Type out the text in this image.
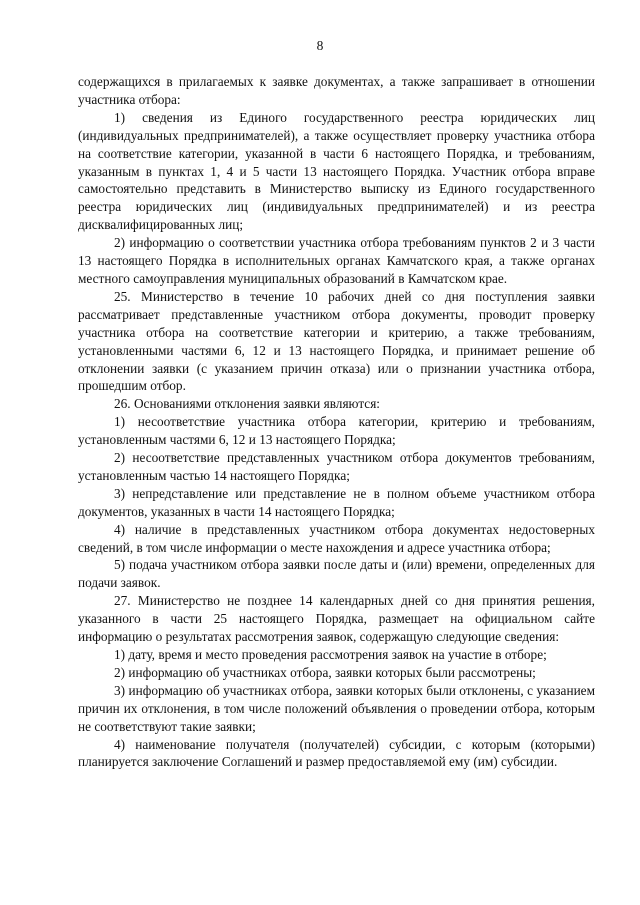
8

содержащихся в прилагаемых к заявке документах, а также запрашивает в отношении участника отбора:

1) сведения из Единого государственного реестра юридических лиц (индивидуальных предпринимателей), а также осуществляет проверку участника отбора на соответствие категории, указанной в части 6 настоящего Порядка, и требованиям, указанным в пунктах 1, 4 и 5 части 13 настоящего Порядка. Участник отбора вправе самостоятельно представить в Министерство выписку из Единого государственного реестра юридических лиц (индивидуальных предпринимателей) и из реестра дисквалифицированных лиц;

2) информацию о соответствии участника отбора требованиям пунктов 2 и 3 части 13 настоящего Порядка в исполнительных органах Камчатского края, а также органах местного самоуправления муниципальных образований в Камчатском крае.

25. Министерство в течение 10 рабочих дней со дня поступления заявки рассматривает представленные участником отбора документы, проводит проверку участника отбора на соответствие категории и критерию, а также требованиям, установленными частями 6, 12 и 13 настоящего Порядка, и принимает решение об отклонении заявки (с указанием причин отказа) или о признании участника отбора, прошедшим отбор.

26. Основаниями отклонения заявки являются:

1) несоответствие участника отбора категории, критерию и требованиям, установленным частями 6, 12 и 13 настоящего Порядка;

2) несоответствие представленных участником отбора документов требованиям, установленным частью 14 настоящего Порядка;

3) непредставление или представление не в полном объеме участником отбора документов, указанных в части 14 настоящего Порядка;

4) наличие в представленных участником отбора документах недостоверных сведений, в том числе информации о месте нахождения и адресе участника отбора;

5) подача участником отбора заявки после даты и (или) времени, определенных для подачи заявок.

27. Министерство не позднее 14 календарных дней со дня принятия решения, указанного в части 25 настоящего Порядка, размещает на официальном сайте информацию о результатах рассмотрения заявок, содержащую следующие сведения:

1) дату, время и место проведения рассмотрения заявок на участие в отборе;

2) информацию об участниках отбора, заявки которых были рассмотрены;

3) информацию об участниках отбора, заявки которых были отклонены, с указанием причин их отклонения, в том числе положений объявления о проведении отбора, которым не соответствуют такие заявки;

4) наименование получателя (получателей) субсидии, с которым (которыми) планируется заключение Соглашений и размер предоставляемой ему (им) субсидии.
